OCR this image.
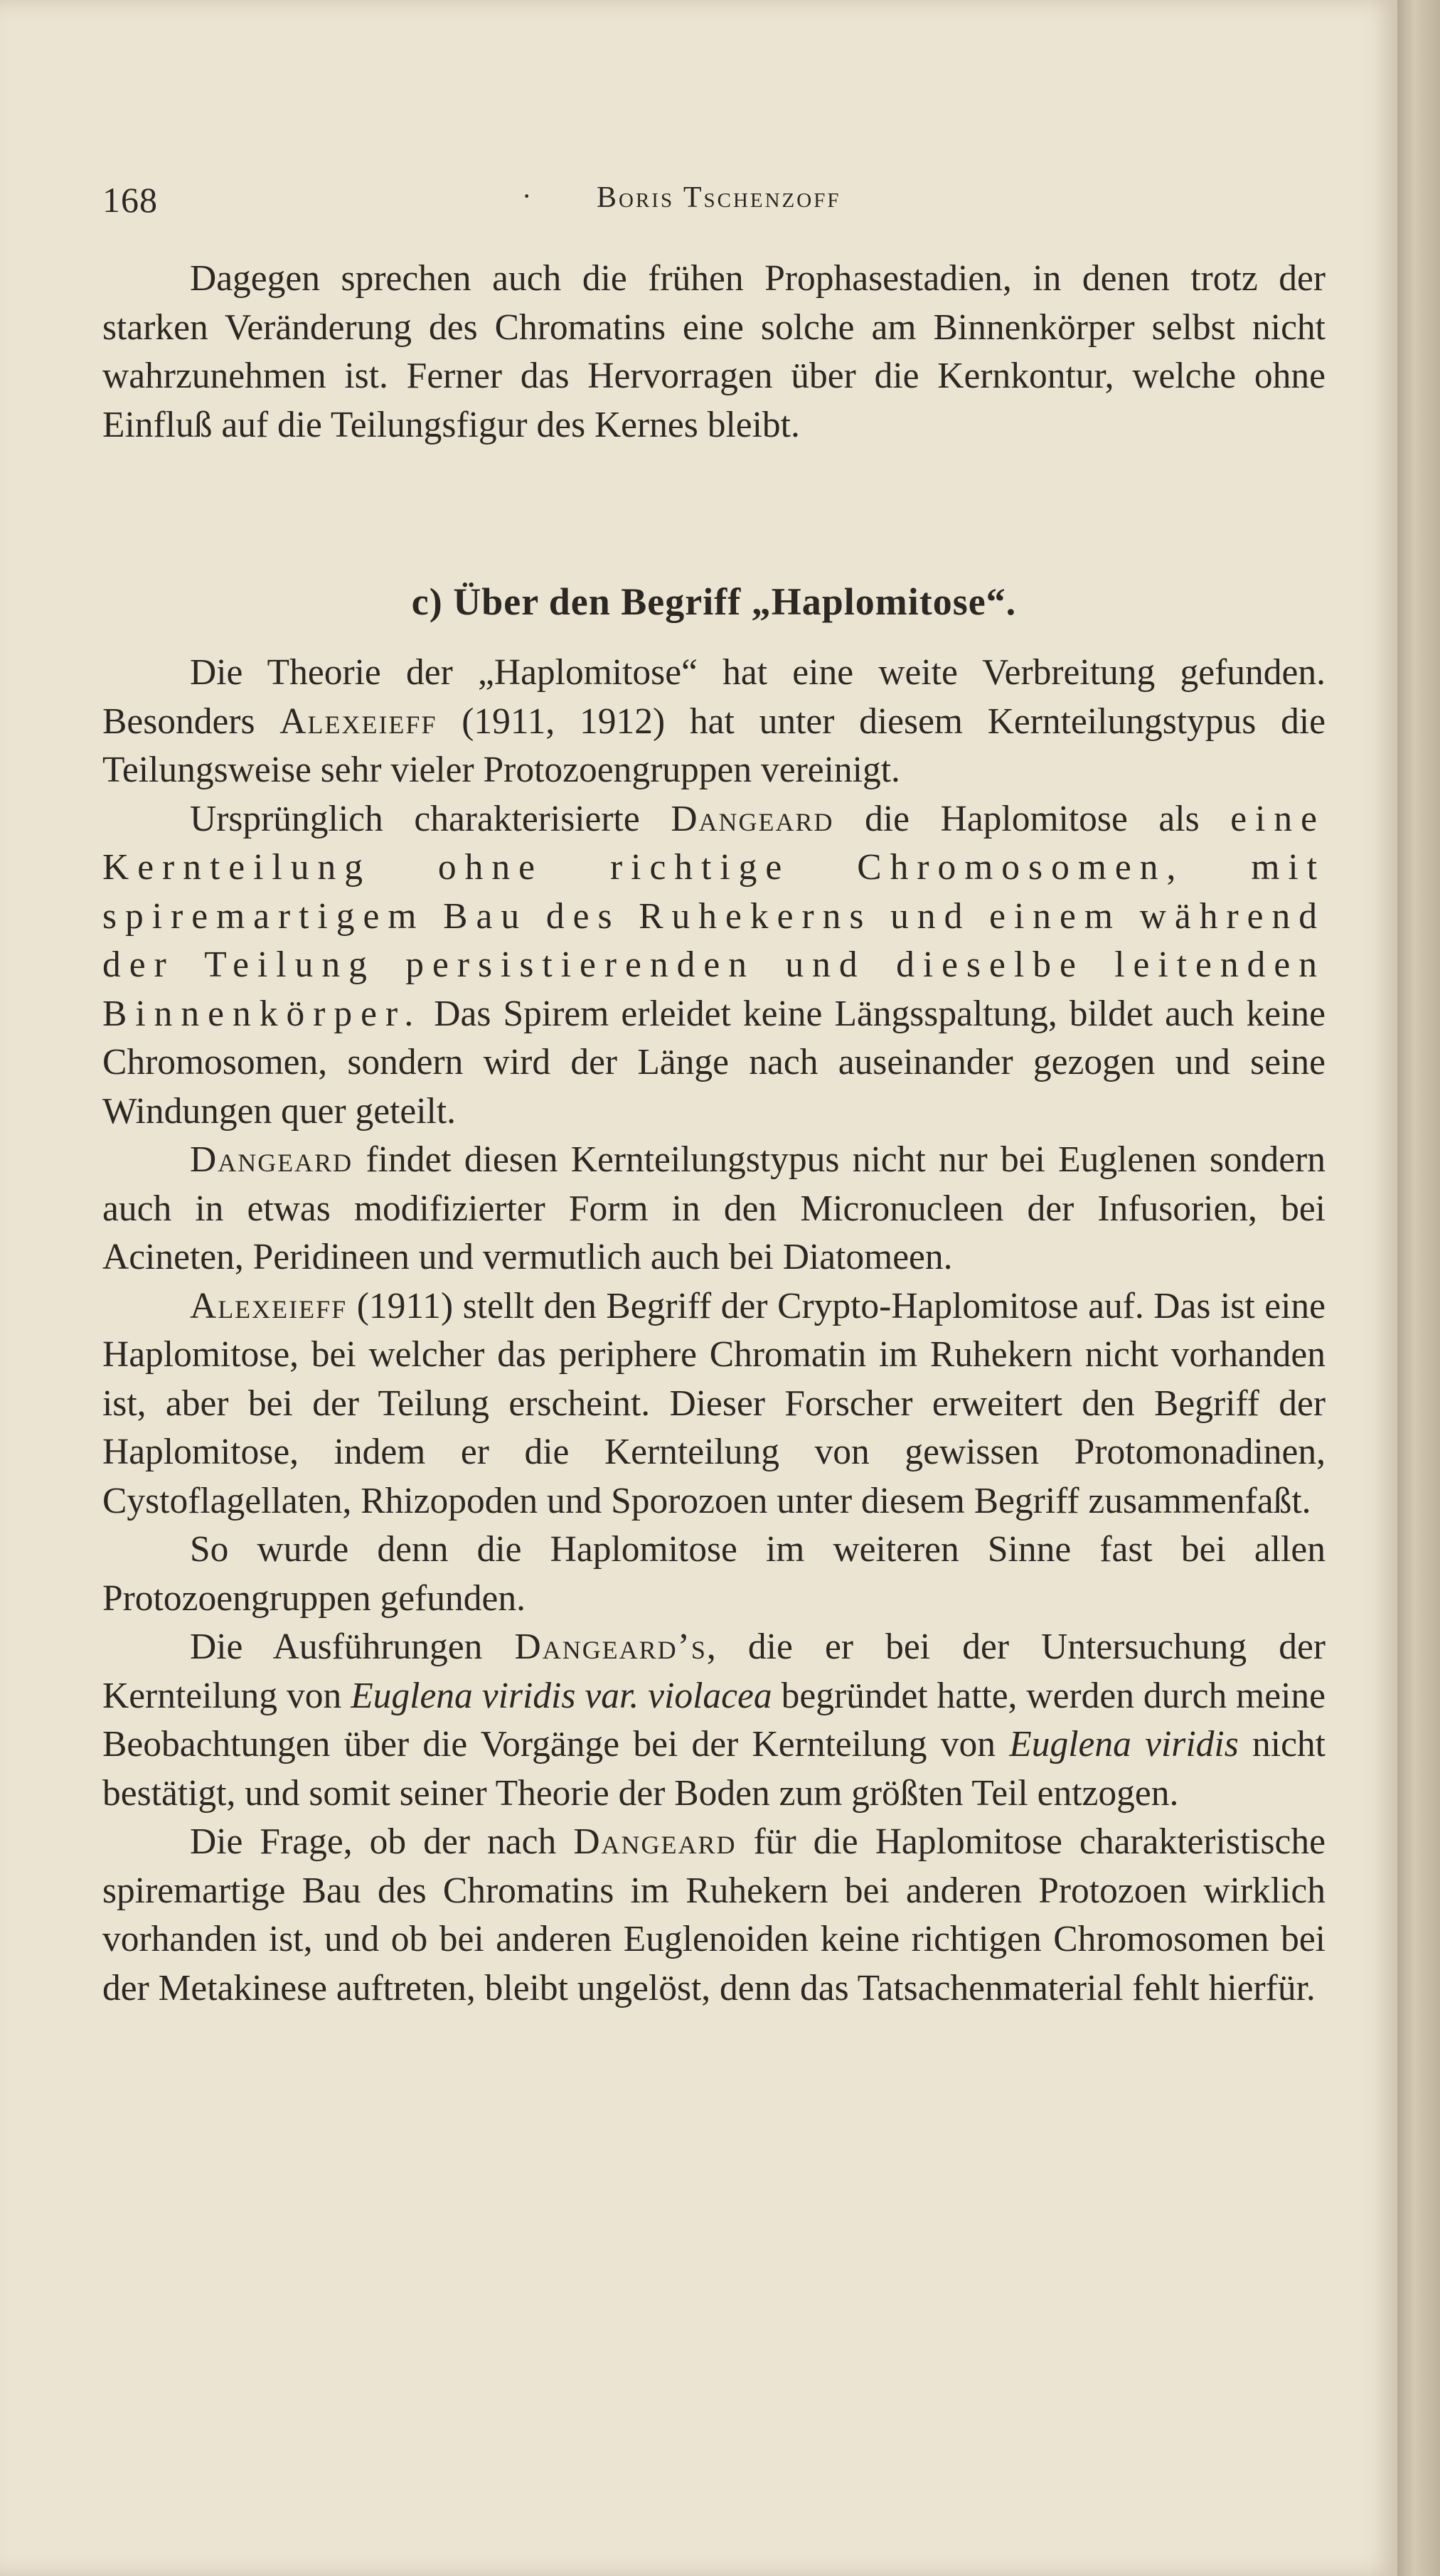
168	· Boris Tschenzoff

Dagegen sprechen auch die frühen Prophasestadien, in denen trotz der starken Veränderung des Chromatins eine solche am Binnenkörper selbst nicht wahrzunehmen ist. Ferner das Hervorragen über die Kernkontur, welche ohne Einfluß auf die Teilungsfigur des Kernes bleibt.

c) Über den Begriff „Haplomitose“.

Die Theorie der „Haplomitose“ hat eine weite Verbreitung gefunden. Besonders Alexeieff (1911, 1912) hat unter diesem Kernteilungstypus die Teilungsweise sehr vieler Protozoengruppen vereinigt.

Ursprünglich charakterisierte Dangeard die Haplomitose als eine Kernteilung ohne richtige Chromosomen, mit spiremartigem Bau des Ruhekerns und einem während der Teilung persistierenden und dieselbe leitenden Binnenkörper. Das Spirem erleidet keine Längsspaltung, bildet auch keine Chromosomen, sondern wird der Länge nach auseinander gezogen und seine Windungen quer geteilt.

Dangeard findet diesen Kernteilungstypus nicht nur bei Euglenen sondern auch in etwas modifizierter Form in den Micronucleen der Infusorien, bei Acineten, Peridineen und vermutlich auch bei Diatomeen.

Alexeieff (1911) stellt den Begriff der Crypto-Haplomitose auf. Das ist eine Haplomitose, bei welcher das periphere Chromatin im Ruhekern nicht vorhanden ist, aber bei der Teilung erscheint. Dieser Forscher erweitert den Begriff der Haplomitose, indem er die Kernteilung von gewissen Protomonadinen, Cystoflagellaten, Rhizopoden und Sporozoen unter diesem Begriff zusammenfaßt.

So wurde denn die Haplomitose im weiteren Sinne fast bei allen Protozoengruppen gefunden.

Die Ausführungen Dangeard’s, die er bei der Untersuchung der Kernteilung von Euglena viridis var. violacea begründet hatte, werden durch meine Beobachtungen über die Vorgänge bei der Kernteilung von Euglena viridis nicht bestätigt, und somit seiner Theorie der Boden zum größten Teil entzogen.

Die Frage, ob der nach Dangeard für die Haplomitose charakteristische spiremartige Bau des Chromatins im Ruhekern bei anderen Protozoen wirklich vorhanden ist, und ob bei anderen Euglenoiden keine richtigen Chromosomen bei der Metakinese auftreten, bleibt ungelöst, denn das Tatsachenmaterial fehlt hierfür.
